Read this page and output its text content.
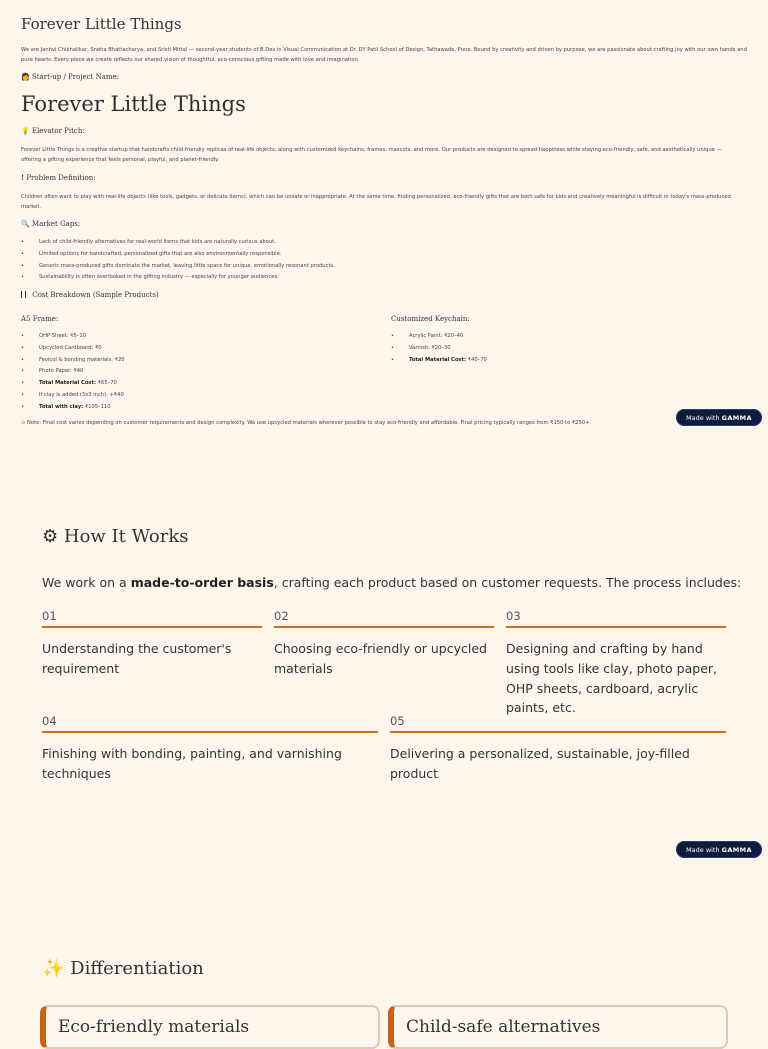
Forever Little Things
We are Janhvi Chikhalikar, Sneha Bhattacharya, and Sristi Mittal — second-year students of B.Des in Visual Communication at Dr. DY Patil School of Design, Tathawade, Pune. Bound by creativity and driven by purpose, we are passionate about crafting joy with our own hands and pure hearts. Every piece we create reflects our shared vision of thoughtful, eco-conscious gifting made with love and imagination.
👩 Start-up / Project Name:
Forever Little Things
💡 Elevator Pitch:
Forever Little Things is a creative startup that handcrafts child-friendly replicas of real-life objects, along with customized keychains, frames, mascots, and more. Our products are designed to spread happiness while staying eco-friendly, safe, and aesthetically unique — offering a gifting experience that feels personal, playful, and planet-friendly.
! Problem Definition:
Children often want to play with real-life objects (like tools, gadgets, or delicate items), which can be unsafe or inappropriate. At the same time, finding personalized, eco-friendly gifts that are both safe for kids and creatively meaningful is difficult in today's mass-produced market.
🔍 Market Gaps:
• Lack of child-friendly alternatives for real-world items that kids are naturally curious about.
• Limited options for handcrafted, personalized gifts that are also environmentally responsible.
• Generic mass-produced gifts dominate the market, leaving little space for unique, emotionally resonant products.
• Sustainability is often overlooked in the gifting industry — especially for younger audiences.
Cost Breakdown (Sample Products)
A5 Frame:
• OHP Sheet: ₹5–10
• Upcycled Cardboard: ₹0
• Fevicol & bonding materials: ₹20
• Photo Paper: ₹40
• Total Material Cost: ₹65–70
• If clay is added (3x3 inch): +₹40
• Total with clay: ₹105–110
Customized Keychain:
• Acrylic Paint: ₹20–40
• Varnish: ₹20–30
• Total Material Cost: ₹40–70
⊙ Note: Final cost varies depending on customer requirements and design complexity. We use upcycled materials wherever possible to stay eco-friendly and affordable. Final pricing typically ranges from ₹150 to ₹250+.
Made with GAMMA
⚙ How It Works
We work on a made-to-order basis, crafting each product based on customer requests. The process includes:
01
Understanding the customer's requirement
02
Choosing eco-friendly or upcycled materials
03
Designing and crafting by hand using tools like clay, photo paper, OHP sheets, cardboard, acrylic paints, etc.
04
Finishing with bonding, painting, and varnishing techniques
05
Delivering a personalized, sustainable, joy-filled product
Made with GAMMA
✨ Differentiation
Eco-friendly materials	Child-safe alternatives
